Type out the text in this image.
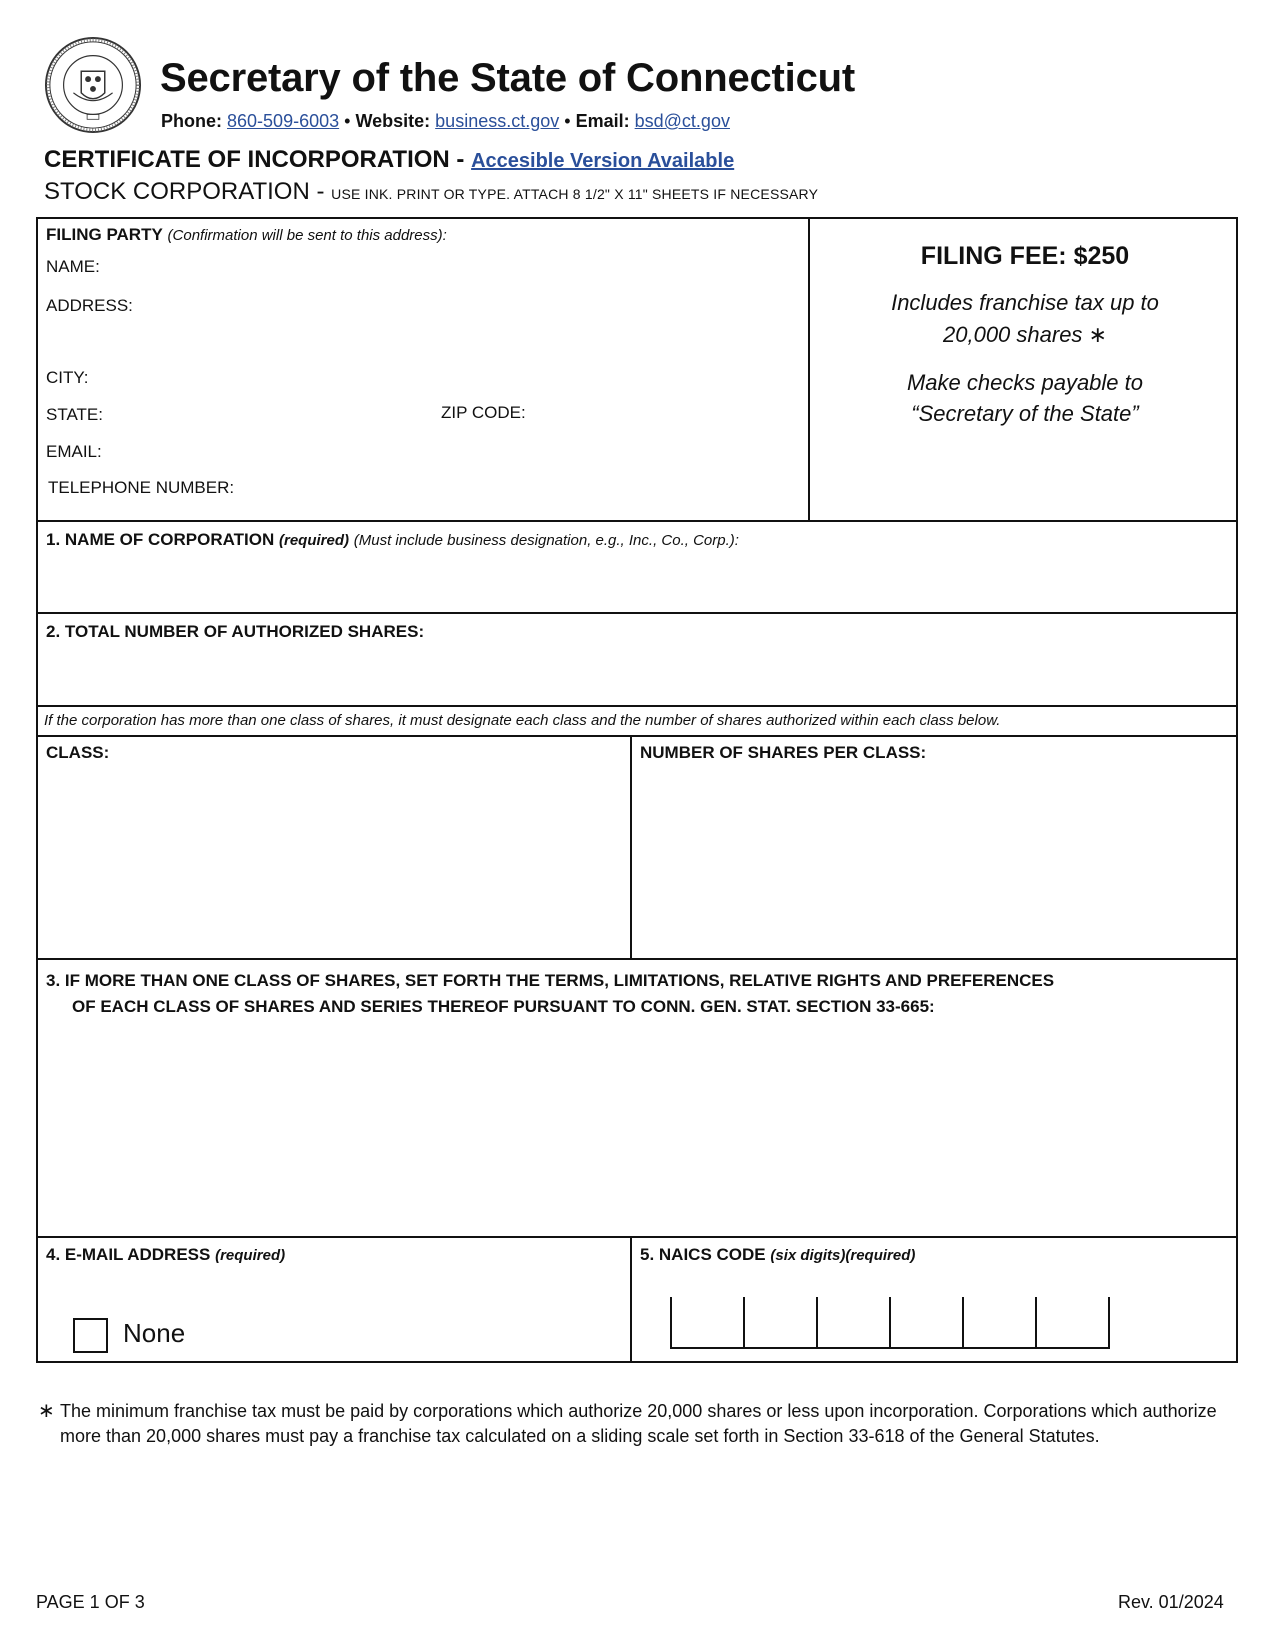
Secretary of the State of Connecticut
Phone: 860-509-6003 • Website: business.ct.gov • Email: bsd@ct.gov
CERTIFICATE OF INCORPORATION - Accesible Version Available
STOCK CORPORATION - USE INK. PRINT OR TYPE. ATTACH 8 1/2" X 11" SHEETS IF NECESSARY
FILING PARTY (Confirmation will be sent to this address):
NAME:
ADDRESS:
CITY:
STATE:	ZIP CODE:
EMAIL:
TELEPHONE NUMBER:
FILING FEE: $250
Includes franchise tax up to
20,000 shares ∗
Make checks payable to
“Secretary of the State”
1. NAME OF CORPORATION (required) (Must include business designation, e.g., Inc., Co., Corp.):
2. TOTAL NUMBER OF AUTHORIZED SHARES:
If the corporation has more than one class of shares, it must designate each class and the number of shares authorized within each class below.
CLASS:	NUMBER OF SHARES PER CLASS:
3. IF MORE THAN ONE CLASS OF SHARES, SET FORTH THE TERMS, LIMITATIONS, RELATIVE RIGHTS AND PREFERENCES
OF EACH CLASS OF SHARES AND SERIES THEREOF PURSUANT TO CONN. GEN. STAT. SECTION 33-665:
4. E-MAIL ADDRESS (required)
None
5. NAICS CODE (six digits)(required)
∗ The minimum franchise tax must be paid by corporations which authorize 20,000 shares or less upon incorporation. Corporations which authorize more than 20,000 shares must pay a franchise tax calculated on a sliding scale set forth in Section 33-618 of the General Statutes.
PAGE 1 OF 3	Rev. 01/2024
